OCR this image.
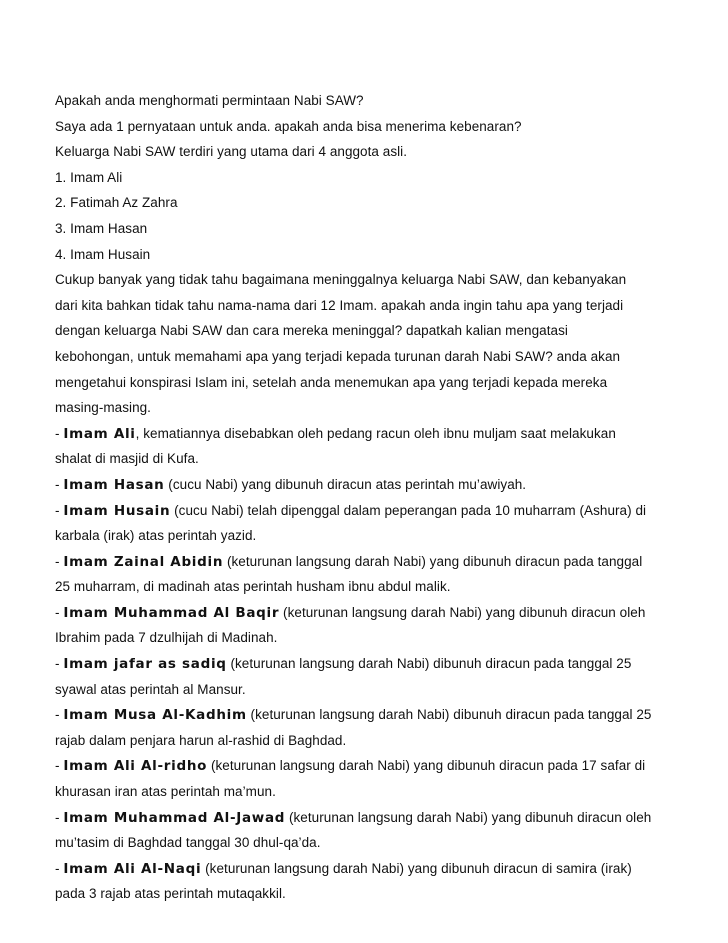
Apakah anda menghormati permintaan Nabi SAW?
Saya ada 1 pernyataan untuk anda. apakah anda bisa menerima kebenaran?
Keluarga Nabi SAW terdiri yang utama dari 4 anggota asli.
1. Imam Ali
2. Fatimah Az Zahra
3. Imam Hasan
4. Imam Husain
Cukup banyak yang tidak tahu bagaimana meninggalnya keluarga Nabi SAW, dan kebanyakan
dari kita bahkan tidak tahu nama-nama dari 12 Imam. apakah anda ingin tahu apa yang terjadi
dengan keluarga Nabi SAW dan cara mereka meninggal? dapatkah kalian mengatasi
kebohongan, untuk memahami apa yang terjadi kepada turunan darah Nabi SAW? anda akan
mengetahui konspirasi Islam ini, setelah anda menemukan apa yang terjadi kepada mereka
masing-masing.
- Imam Ali, kematiannya disebabkan oleh pedang racun oleh ibnu muljam saat melakukan
shalat di masjid di Kufa.
- Imam Hasan (cucu Nabi) yang dibunuh diracun atas perintah mu’awiyah.
- Imam Husain (cucu Nabi) telah dipenggal dalam peperangan pada 10 muharram (Ashura) di
karbala (irak) atas perintah yazid.
- Imam Zainal Abidin (keturunan langsung darah Nabi) yang dibunuh diracun pada tanggal
25 muharram, di madinah atas perintah husham ibnu abdul malik.
- Imam Muhammad Al Baqir (keturunan langsung darah Nabi) yang dibunuh diracun oleh
Ibrahim pada 7 dzulhijah di Madinah.
- Imam jafar as sadiq (keturunan langsung darah Nabi) dibunuh diracun pada tanggal 25
syawal atas perintah al Mansur.
- Imam Musa Al-Kadhim (keturunan langsung darah Nabi) dibunuh diracun pada tanggal 25
rajab dalam penjara harun al-rashid di Baghdad.
- Imam Ali Al-ridho (keturunan langsung darah Nabi) yang dibunuh diracun pada 17 safar di
khurasan iran atas perintah ma’mun.
- Imam Muhammad Al-Jawad (keturunan langsung darah Nabi) yang dibunuh diracun oleh
mu’tasim di Baghdad tanggal 30 dhul-qa’da.
- Imam Ali Al-Naqi (keturunan langsung darah Nabi) yang dibunuh diracun di samira (irak)
pada 3 rajab atas perintah mutaqakkil.
